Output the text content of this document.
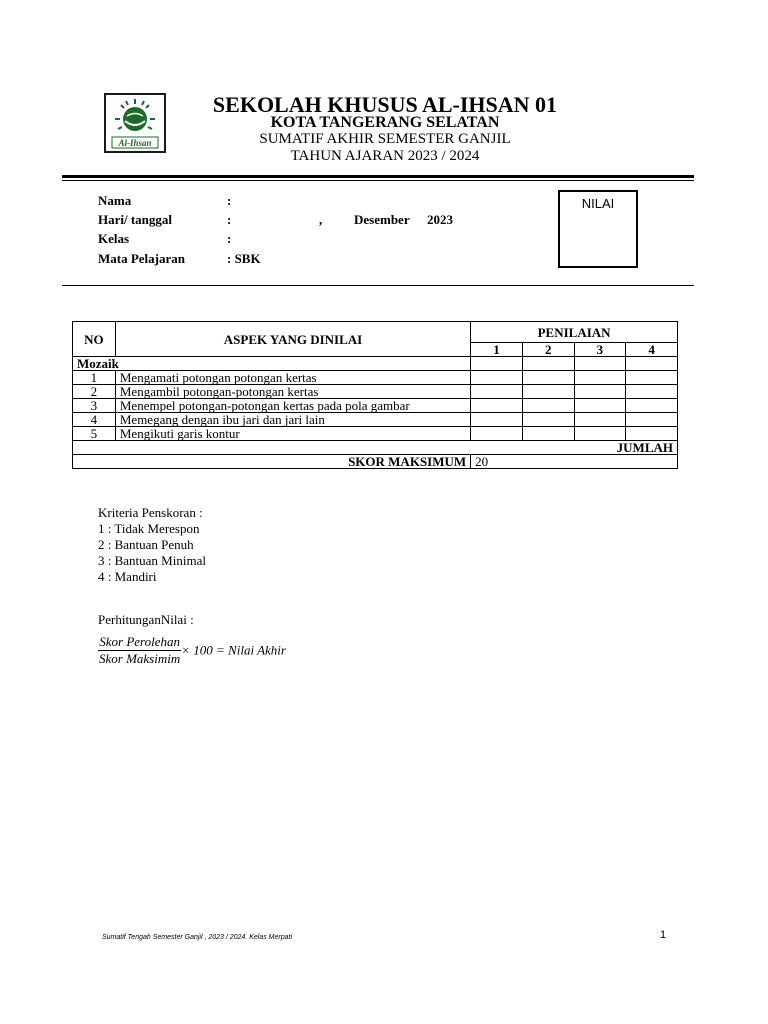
Al-Ihsan
SEKOLAH KHUSUS AL-IHSAN 01
KOTA TANGERANG SELATAN
SUMATIF AKHIR SEMESTER GANJIL
TAHUN AJARAN 2023 / 2024
Nama	:
Hari/ tanggal	:	, Desember 2023
Kelas	:
Mata Pelajaran	: SBK
NILAI
NO	ASPEK YANG DINILAI	PENILAIAN			
		1	2	3	4
Mozaik					
1	Mengamati potongan potongan kertas				
2	Mengambil potongan-potongan kertas				
3	Menempel potongan-potongan kertas pada pola gambar				
4	Memegang dengan ibu jari dan jari lain				
5	Mengikuti garis kontur				
JUMLAH					
SKOR MAKSIMUM		20			
Kriteria Penskoran :
1 : Tidak Merespon
2 : Bantuan Penuh
3 : Bantuan Minimal
4 : Mandiri
PerhitunganNilai :
$\frac{\text{Skor Perolehan}}{\text{Skor Maksimim}} \times 100$ = Nilai Akhir
Sumatif Tengah Semester Ganjil , 2023 / 2024. Kelas Merpati	1
